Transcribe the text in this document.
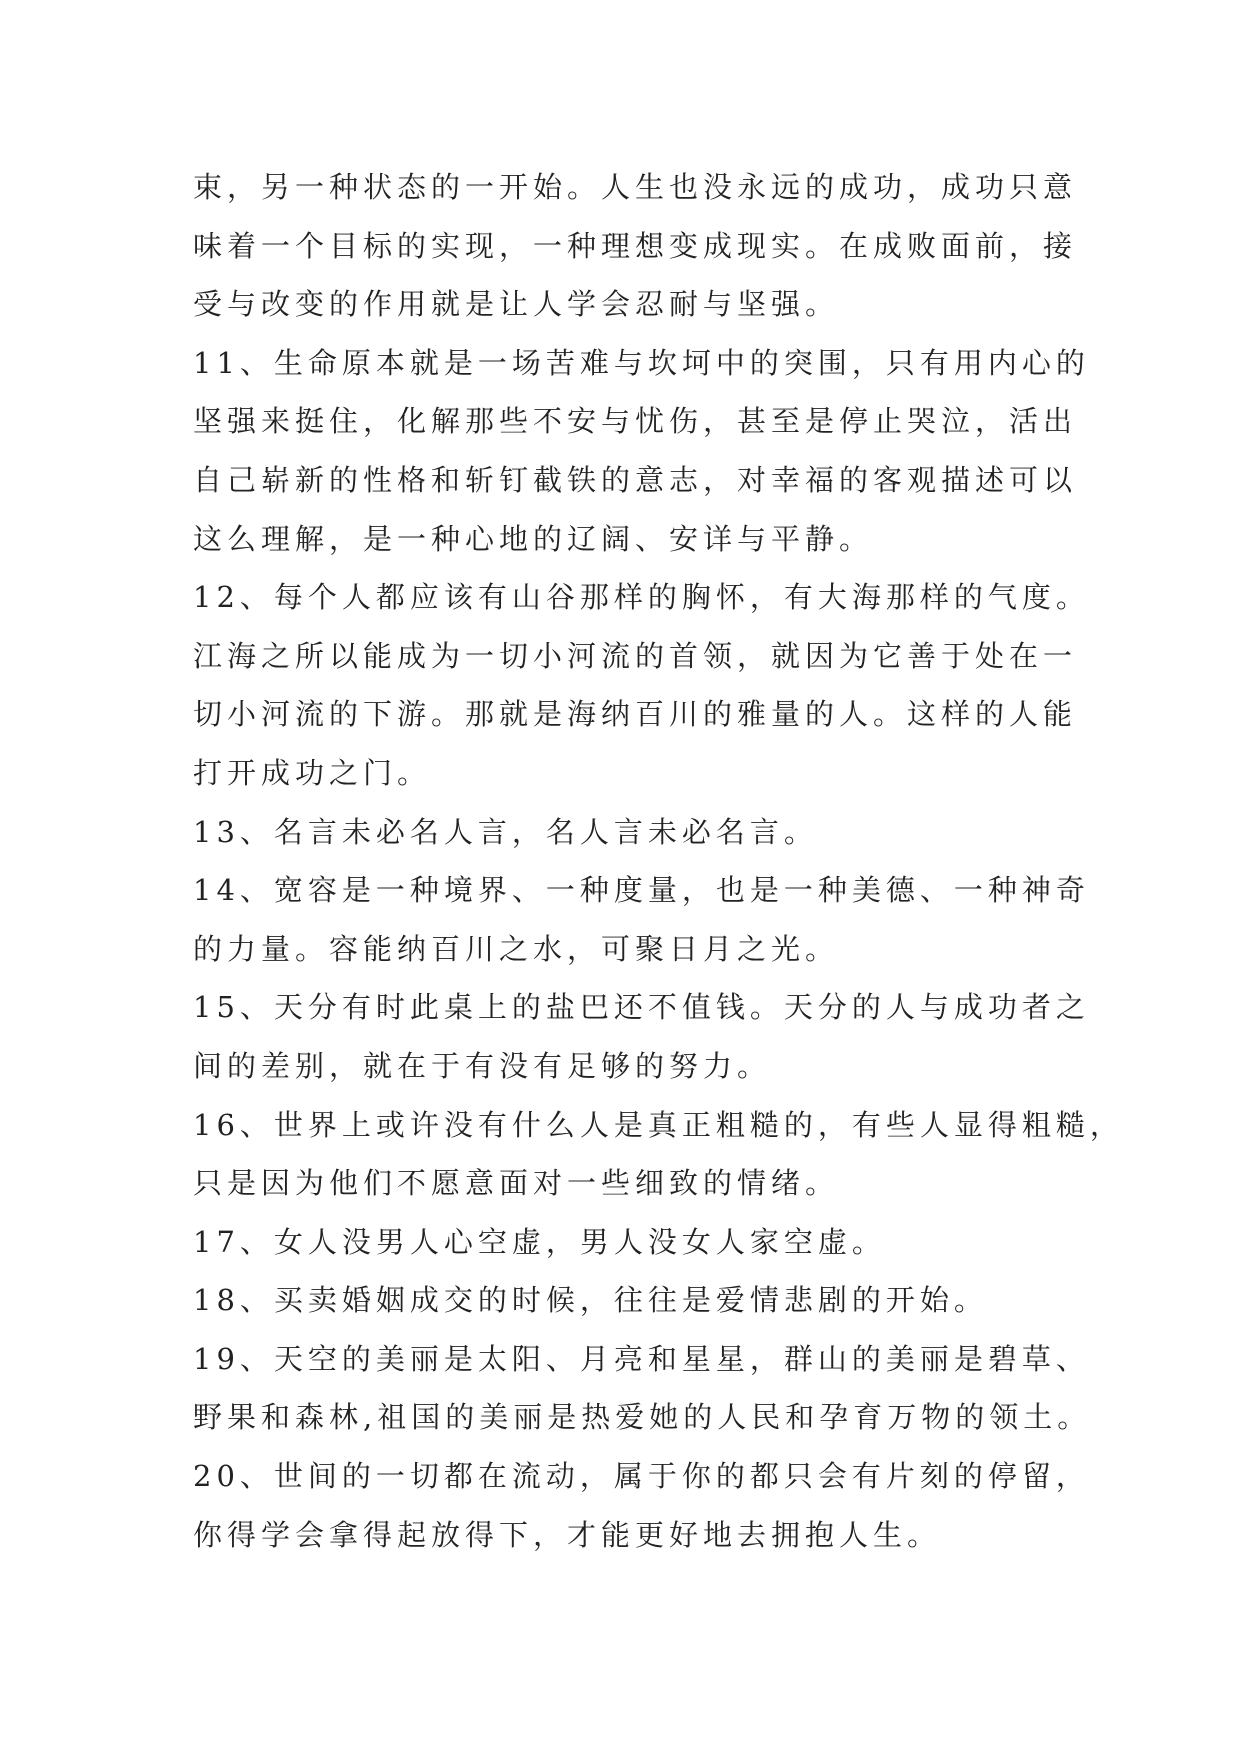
束，另一种状态的一开始。人生也没永远的成功，成功只意
味着一个目标的实现，一种理想变成现实。在成败面前，接
受与改变的作用就是让人学会忍耐与坚强。
11、生命原本就是一场苦难与坎坷中的突围，只有用内心的
坚强来挺住，化解那些不安与忧伤，甚至是停止哭泣，活出
自己崭新的性格和斩钉截铁的意志，对幸福的客观描述可以
这么理解，是一种心地的辽阔、安详与平静。
12、每个人都应该有山谷那样的胸怀，有大海那样的气度。
江海之所以能成为一切小河流的首领，就因为它善于处在一
切小河流的下游。那就是海纳百川的雅量的人。这样的人能
打开成功之门。
13、名言未必名人言，名人言未必名言。
14、宽容是一种境界、一种度量，也是一种美德、一种神奇
的力量。容能纳百川之水，可聚日月之光。
15、天分有时此桌上的盐巴还不值钱。天分的人与成功者之
间的差别，就在于有没有足够的努力。
16、世界上或许没有什么人是真正粗糙的，有些人显得粗糙，
只是因为他们不愿意面对一些细致的情绪。
17、女人没男人心空虚，男人没女人家空虚。
18、买卖婚姻成交的时候，往往是爱情悲剧的开始。
19、天空的美丽是太阳、月亮和星星，群山的美丽是碧草、
野果和森林,祖国的美丽是热爱她的人民和孕育万物的领土。
20、世间的一切都在流动，属于你的都只会有片刻的停留，
你得学会拿得起放得下，才能更好地去拥抱人生。
